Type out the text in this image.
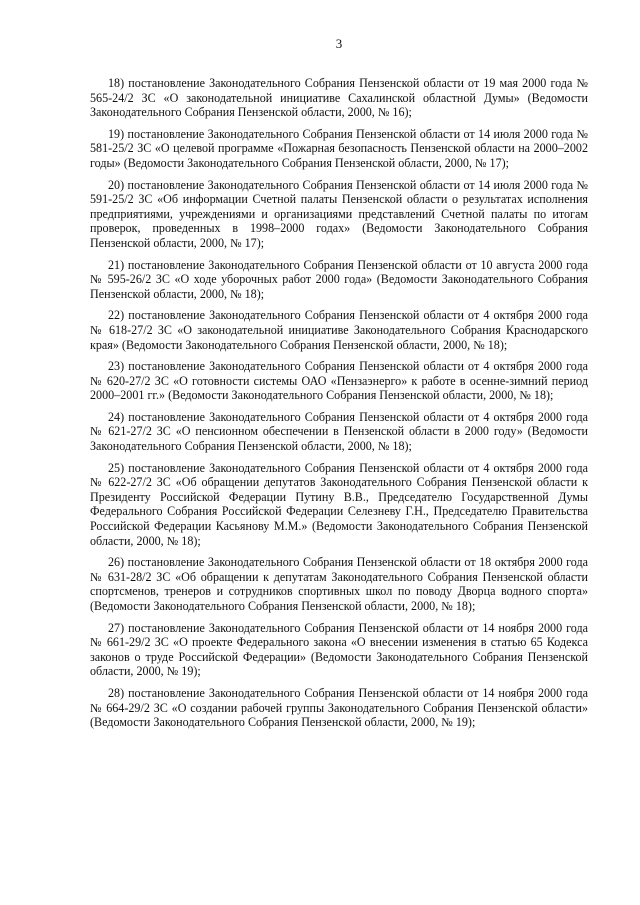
3

18) постановление Законодательного Собрания Пензенской области от 19 мая 2000 года № 565-24/2 ЗС «О законодательной инициативе Сахалинской областной Думы» (Ведомости Законодательного Собрания Пензенской области, 2000, № 16);

19) постановление Законодательного Собрания Пензенской области от 14 июля 2000 года № 581-25/2 ЗС «О целевой программе «Пожарная безопасность Пензенской области на 2000–2002 годы» (Ведомости Законодательного Собрания Пензенской области, 2000, № 17);

20) постановление Законодательного Собрания Пензенской области от 14 июля 2000 года № 591-25/2 ЗС «Об информации Счетной палаты Пензенской области о результатах исполнения предприятиями, учреждениями и организациями представлений Счетной палаты по итогам проверок, проведенных в 1998–2000 годах» (Ведомости Законодательного Собрания Пензенской области, 2000, № 17);

21) постановление Законодательного Собрания Пензенской области от 10 августа 2000 года № 595-26/2 ЗС «О ходе уборочных работ 2000 года» (Ведомости Законодательного Собрания Пензенской области, 2000, № 18);

22) постановление Законодательного Собрания Пензенской области от 4 октября 2000 года № 618-27/2 ЗС «О законодательной инициативе Законодательного Собрания Краснодарского края» (Ведомости Законодательного Собрания Пензенской области, 2000, № 18);

23) постановление Законодательного Собрания Пензенской области от 4 октября 2000 года № 620-27/2 ЗС «О готовности системы ОАО «Пензаэнерго» к работе в осенне-зимний период 2000–2001 гг.» (Ведомости Законодательного Собрания Пензенской области, 2000, № 18);

24) постановление Законодательного Собрания Пензенской области от 4 октября 2000 года № 621-27/2 ЗС «О пенсионном обеспечении в Пензенской области в 2000 году» (Ведомости Законодательного Собрания Пензенской области, 2000, № 18);

25) постановление Законодательного Собрания Пензенской области от 4 октября 2000 года № 622-27/2 ЗС «Об обращении депутатов Законодательного Собрания Пензенской области к Президенту Российской Федерации Путину В.В., Председателю Государственной Думы Федерального Собрания Российской Федерации Селезневу Г.Н., Председателю Правительства Российской Федерации Касьянову М.М.» (Ведомости Законодательного Собрания Пензенской области, 2000, № 18);

26) постановление Законодательного Собрания Пензенской области от 18 октября 2000 года № 631-28/2 ЗС «Об обращении к депутатам Законодательного Собрания Пензенской области спортсменов, тренеров и сотрудников спортивных школ по поводу Дворца водного спорта» (Ведомости Законодательного Собрания Пензенской области, 2000, № 18);

27) постановление Законодательного Собрания Пензенской области от 14 ноября 2000 года № 661-29/2 ЗС «О проекте Федерального закона «О внесении изменения в статью 65 Кодекса законов о труде Российской Федерации» (Ведомости Законодательного Собрания Пензенской области, 2000, № 19);

28) постановление Законодательного Собрания Пензенской области от 14 ноября 2000 года № 664-29/2 ЗС «О создании рабочей группы Законодательного Собрания Пензенской области» (Ведомости Законодательного Собрания Пензенской области, 2000, № 19);
